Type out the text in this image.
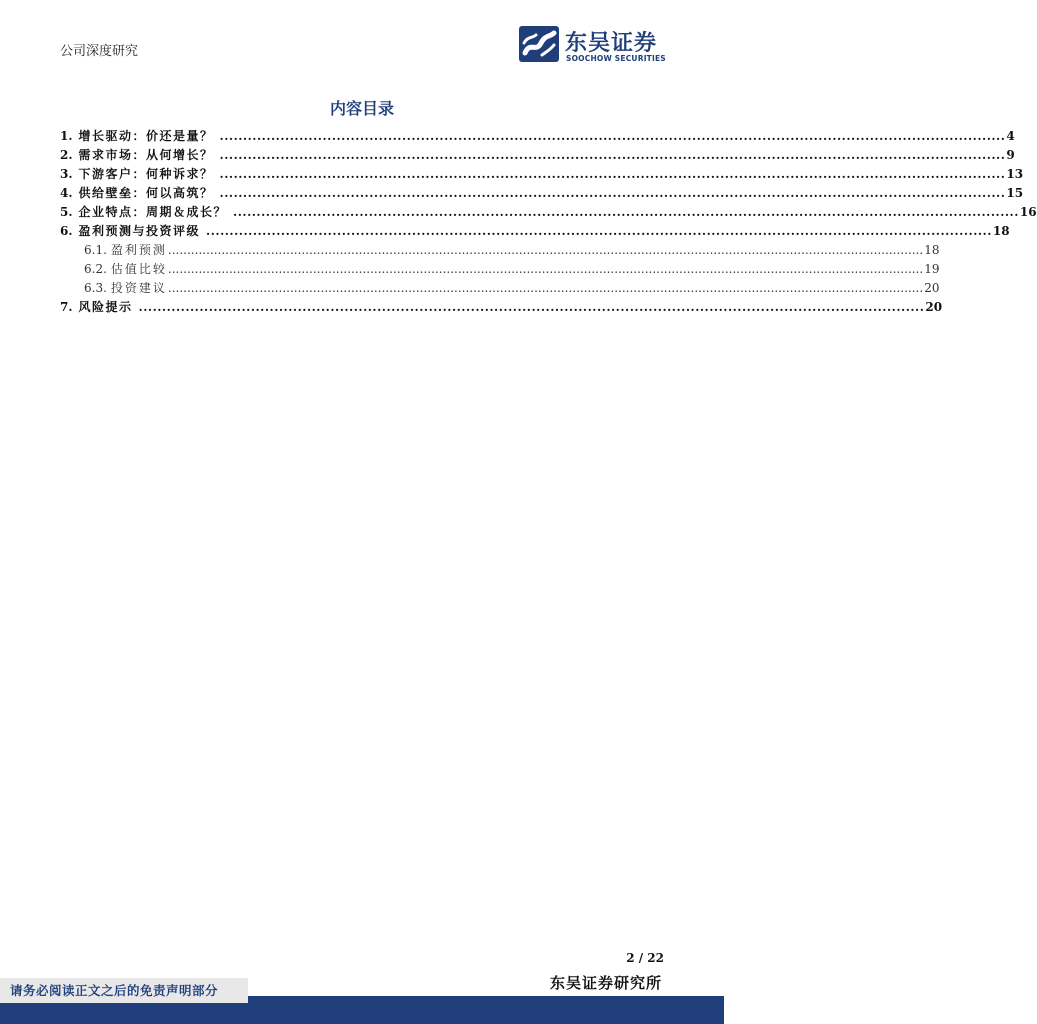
公司深度研究	东吴证券
SOOCHOW SECURITIES
内容目录
1. 增长驱动：价还是量？ ........................................................................................................................................................................ 4
2. 需求市场：从何增长？ ........................................................................................................................................................................ 9
3. 下游客户：何种诉求？ ........................................................................................................................................................................ 13
4. 供给壁垒：何以高筑？ ........................................................................................................................................................................ 15
5. 企业特点：周期＆成长？ ........................................................................................................................................................................ 16
6. 盈利预测与投资评级 ........................................................................................................................................................................ 18
6.1. 盈利预测 ...................................................................................................................................................................................................... 18
6.2. 估值比较 ...................................................................................................................................................................................................... 19
6.3. 投资建议 ...................................................................................................................................................................................................... 20
7. 风险提示 ........................................................................................................................................................................ 20
2 / 22
东吴证券研究所
请务必阅读正文之后的免责声明部分
